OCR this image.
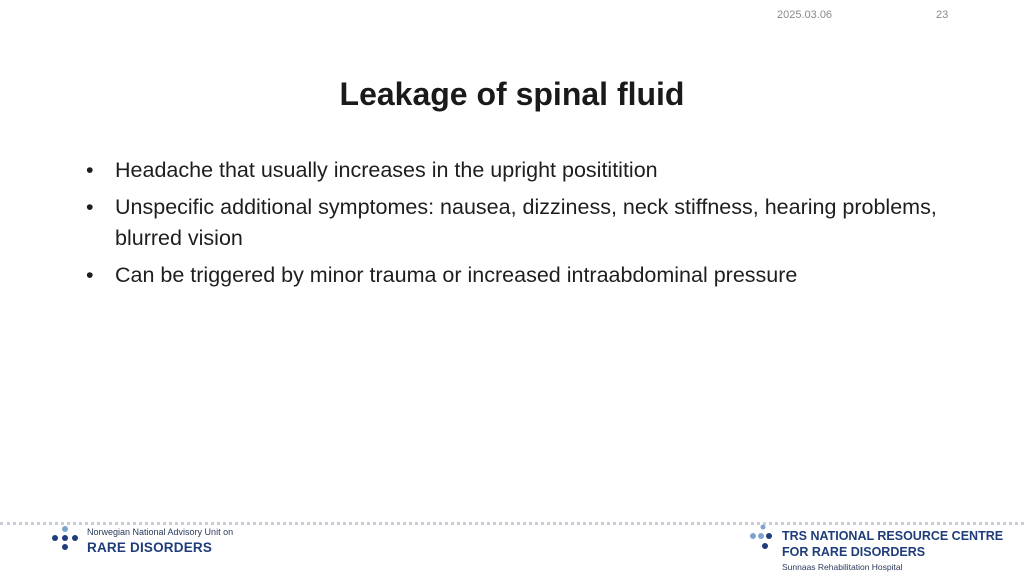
2025.03.06	23
Leakage of spinal fluid
• Headache that usually increases in the upright posititition
• Unspecific additional symptomes: nausea, dizziness, neck stiffness, hearing problems, blurred vision
• Can be triggered by minor trauma or increased intraabdominal pressure
Norwegian National Advisory Unit on
RARE DISORDERS
TRS NATIONAL RESOURCE CENTRE
FOR RARE DISORDERS
Sunnaas Rehabilitation Hospital
